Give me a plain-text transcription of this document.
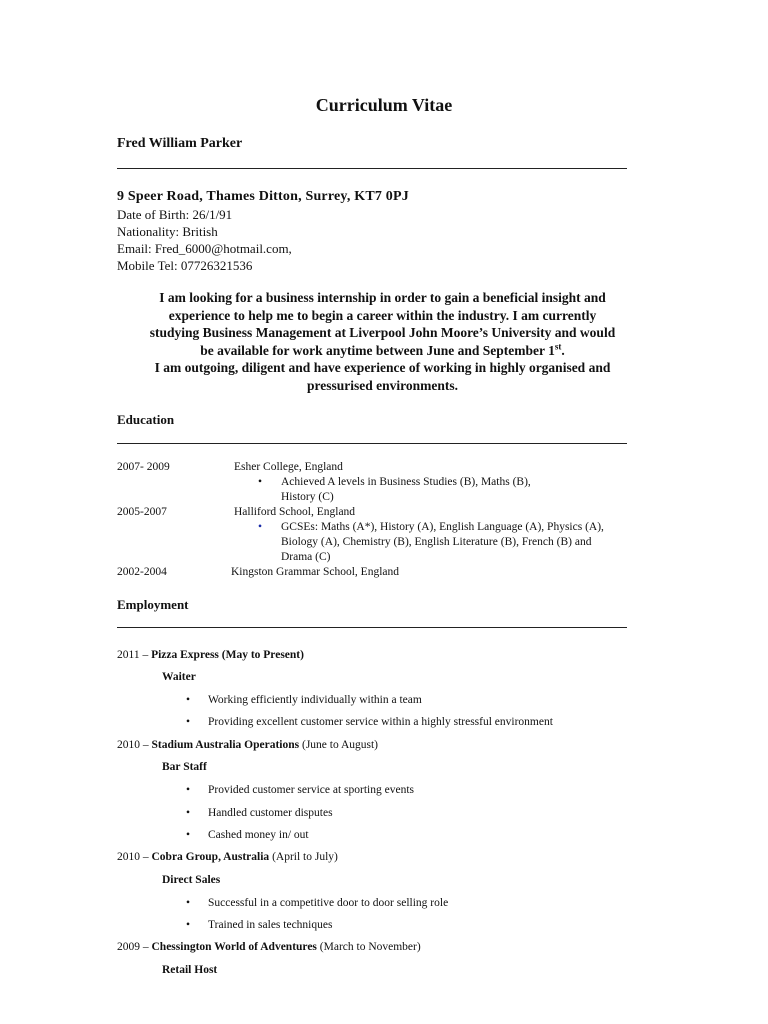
Curriculum Vitae
Fred William Parker
9 Speer Road, Thames Ditton, Surrey, KT7 0PJ
Date of Birth: 26/1/91
Nationality: British
Email: Fred_6000@hotmail.com,
Mobile Tel: 07726321536
I am looking for a business internship in order to gain a beneficial insight and
experience to help me to begin a career within the industry. I am currently
studying Business Management at Liverpool John Moore’s University and would
be available for work anytime between June and September 1st.
I am outgoing, diligent and have experience of working in highly organised and
pressurised environments.
Education
2007- 2009	Esher College, England
• Achieved A levels in Business Studies (B), Maths (B),
History (C)
2005-2007	Halliford School, England
• GCSEs: Maths (A*), History (A), English Language (A), Physics (A),
Biology (A), Chemistry (B), English Literature (B), French (B) and
Drama (C)
2002-2004	Kingston Grammar School, England
Employment
2011 – Pizza Express (May to Present)
Waiter
• Working efficiently individually within a team
• Providing excellent customer service within a highly stressful environment
2010 – Stadium Australia Operations (June to August)
Bar Staff
• Provided customer service at sporting events
• Handled customer disputes
• Cashed money in/ out
2010 – Cobra Group, Australia (April to July)
Direct Sales
• Successful in a competitive door to door selling role
• Trained in sales techniques
2009 – Chessington World of Adventures (March to November)
Retail Host
